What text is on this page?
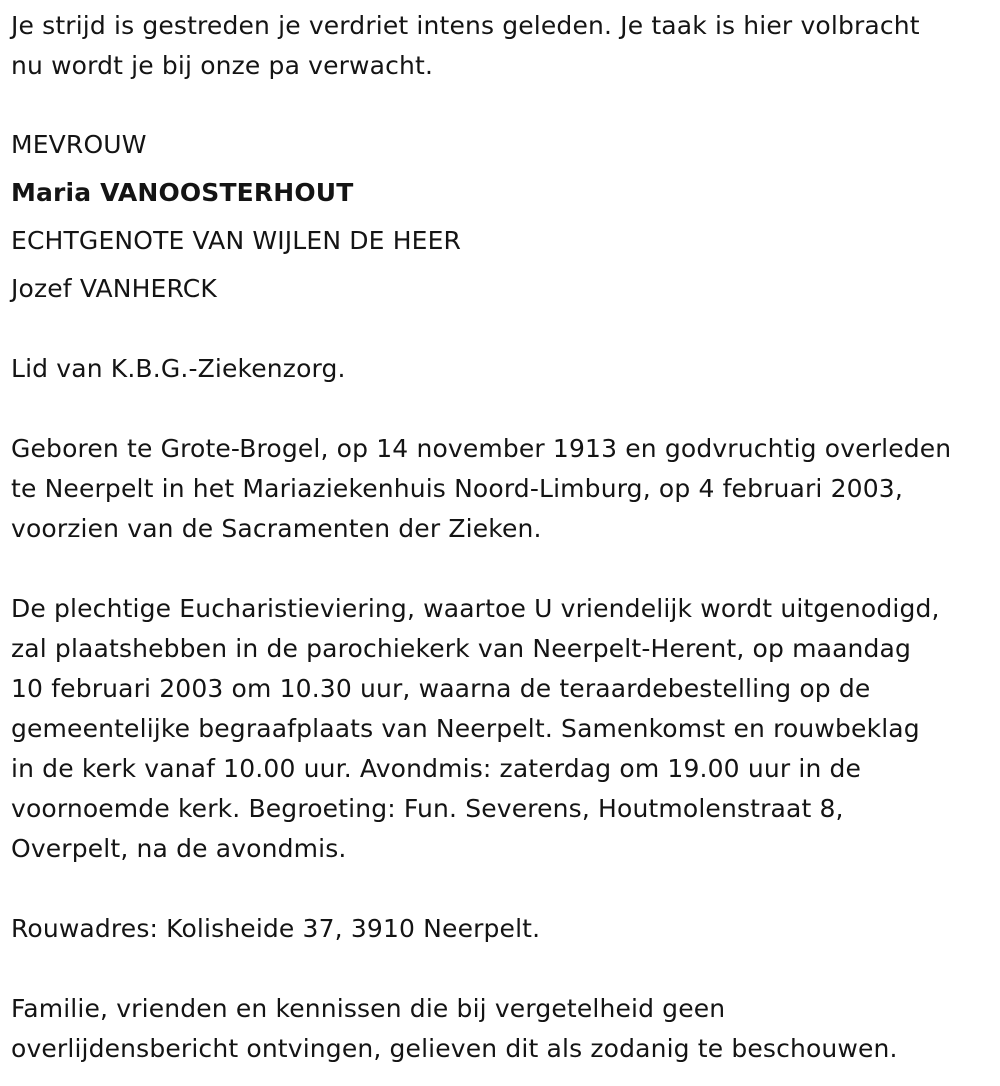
Je strijd is gestreden je verdriet intens geleden. Je taak is hier volbracht
nu wordt je bij onze pa verwacht.
MEVROUW
Maria VANOOSTERHOUT
ECHTGENOTE VAN WIJLEN DE HEER
Jozef VANHERCK
Lid van K.B.G.-Ziekenzorg.
Geboren te Grote-Brogel, op 14 november 1913 en godvruchtig overleden
te Neerpelt in het Mariaziekenhuis Noord-Limburg, op 4 februari 2003,
voorzien van de Sacramenten der Zieken.
De plechtige Eucharistieviering, waartoe U vriendelijk wordt uitgenodigd,
zal plaatshebben in de parochiekerk van Neerpelt-Herent, op maandag
10 februari 2003 om 10.30 uur, waarna de teraardebestelling op de
gemeentelijke begraafplaats van Neerpelt. Samenkomst en rouwbeklag
in de kerk vanaf 10.00 uur. Avondmis: zaterdag om 19.00 uur in de
voornoemde kerk. Begroeting: Fun. Severens, Houtmolenstraat 8,
Overpelt, na de avondmis.
Rouwadres: Kolisheide 37, 3910 Neerpelt.
Familie, vrienden en kennissen die bij vergetelheid geen
overlijdensbericht ontvingen, gelieven dit als zodanig te beschouwen.
